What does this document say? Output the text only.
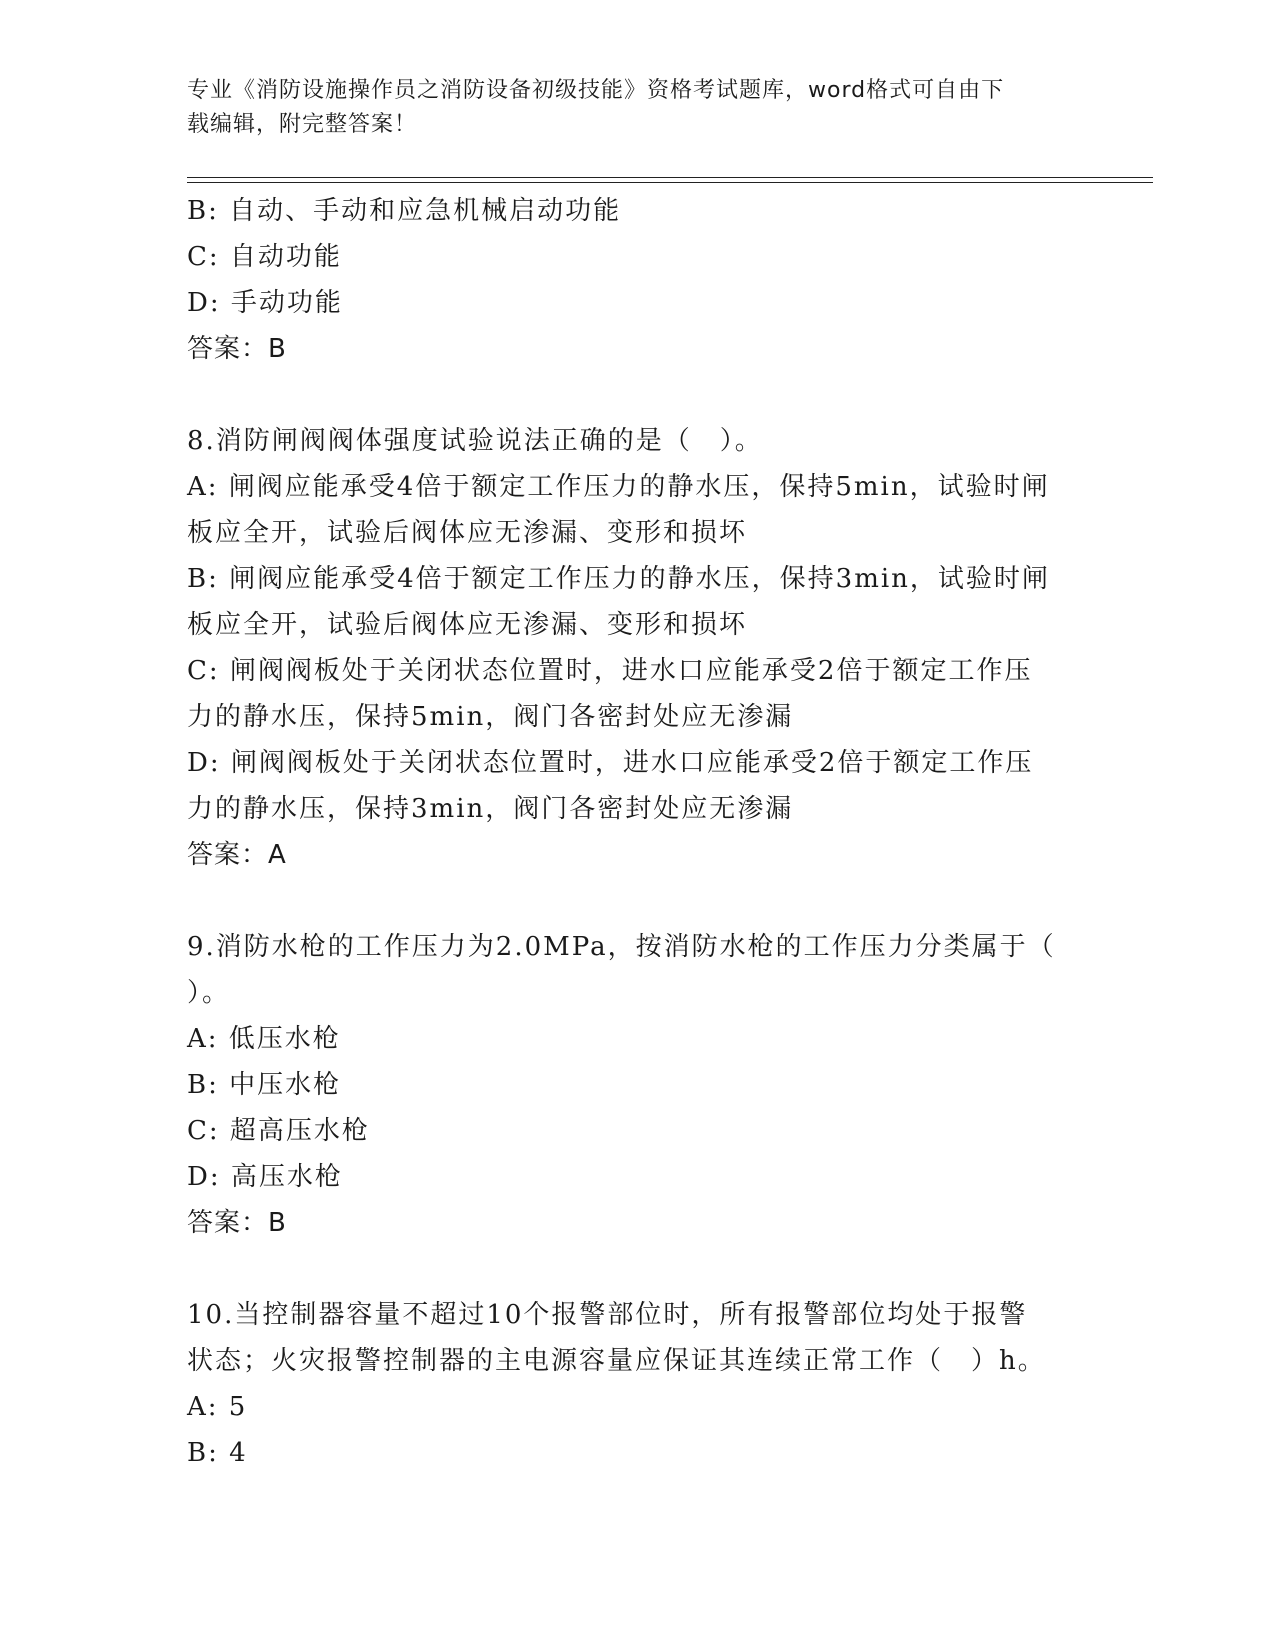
专业《消防设施操作员之消防设备初级技能》资格考试题库，word格式可自由下
载编辑，附完整答案！
B: 自动、手动和应急机械启动功能
C: 自动功能
D: 手动功能
答案：B
8.消防闸阀阀体强度试验说法正确的是（　）。
A: 闸阀应能承受4倍于额定工作压力的静水压，保持5min，试验时闸
板应全开，试验后阀体应无渗漏、变形和损坏
B: 闸阀应能承受4倍于额定工作压力的静水压，保持3min，试验时闸
板应全开，试验后阀体应无渗漏、变形和损坏
C: 闸阀阀板处于关闭状态位置时，进水口应能承受2倍于额定工作压
力的静水压，保持5min，阀门各密封处应无渗漏
D: 闸阀阀板处于关闭状态位置时，进水口应能承受2倍于额定工作压
力的静水压，保持3min，阀门各密封处应无渗漏
答案：A
9.消防水枪的工作压力为2.0MPa，按消防水枪的工作压力分类属于（
）。
A: 低压水枪
B: 中压水枪
C: 超高压水枪
D: 高压水枪
答案：B
10.当控制器容量不超过10个报警部位时，所有报警部位均处于报警
状态；火灾报警控制器的主电源容量应保证其连续正常工作（　）h。
A: 5
B: 4
